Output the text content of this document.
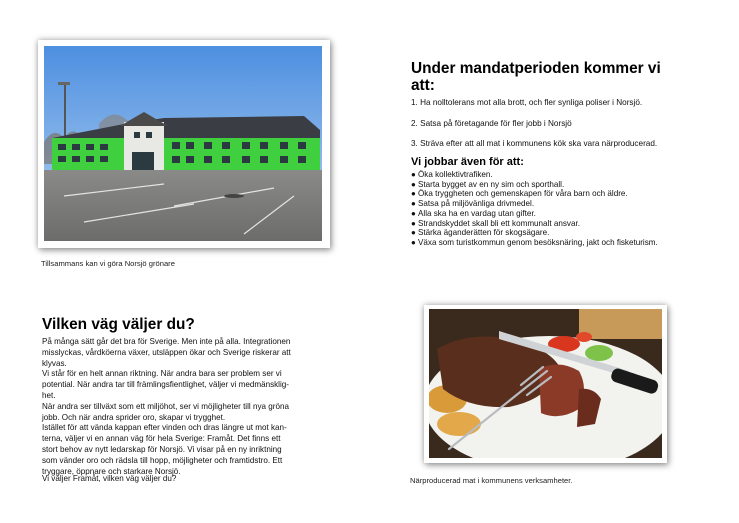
Tillsammans kan vi göra Norsjö grönare
Under mandatperioden kommer vi
att:
1. Ha nolltolerans mot alla brott, och fler synliga poliser i Norsjö.
2. Satsa på företagande för fler jobb i Norsjö
3. Sträva efter att all mat i kommunens kök ska vara närproducerad.
Vi jobbar även för att:
● Öka kollektivtrafiken.
● Starta bygget av en ny sim och sporthall.
● Öka tryggheten och gemenskapen för våra barn och äldre.
● Satsa på miljövänliga drivmedel.
● Alla ska ha en vardag utan gifter.
● Strandskyddet skall bli ett kommunalt ansvar.
● Stärka äganderätten för skogsägare.
● Växa som turistkommun genom besöksnäring, jakt och fisketurism.
Vilken väg väljer du?
På många sätt går det bra för Sverige. Men inte på alla. Integrationen
misslyckas, vårdköerna växer, utsläppen ökar och Sverige riskerar att
klyvas.
Vi står för en helt annan riktning. När andra bara ser problem ser vi
potential. När andra tar till främlingsfientlighet, väljer vi medmänsklig-
het.
När andra ser tillväxt som ett miljöhot, ser vi möjligheter till nya gröna
jobb. Och när andra sprider oro, skapar vi trygghet.
Istället för att vända kappan efter vinden och dras längre ut mot kan-
terna, väljer vi en annan väg för hela Sverige: Framåt. Det finns ett
stort behov av nytt ledarskap för Norsjö. Vi visar på en ny inriktning
som vänder oro och rädsla till hopp, möjligheter och framtidstro. Ett
tryggare, öppnare och starkare Norsjö.
Vi väljer Framåt, vilken väg väljer du?	Närproducerad mat i kommunens verksamheter.
